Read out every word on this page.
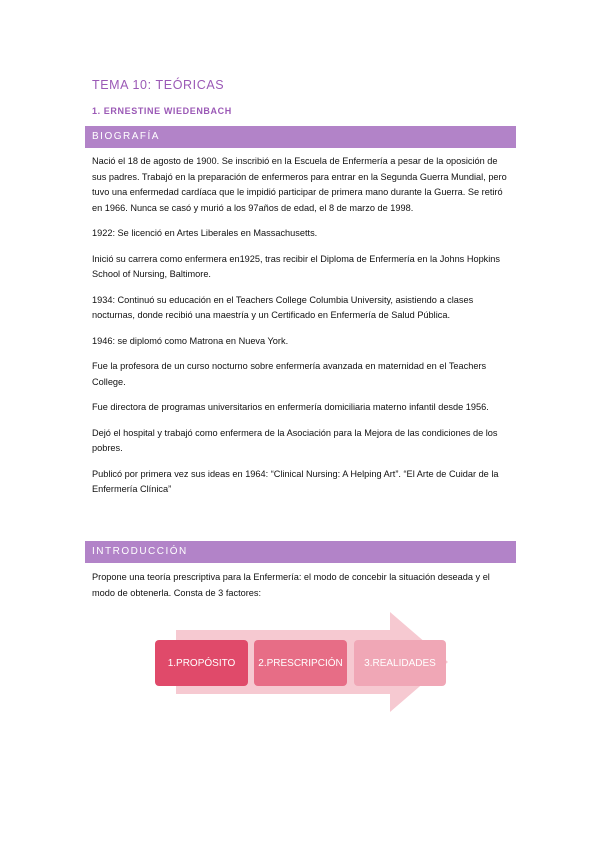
TEMA 10: TEÓRICAS
1. ERNESTINE WIEDENBACH
BIOGRAFÍA

Nació el 18 de agosto de 1900. Se inscribió en la Escuela de Enfermería a pesar de la oposición de sus padres. Trabajó en la preparación de enfermeros para entrar en la Segunda Guerra Mundial, pero tuvo una enfermedad cardíaca que le impidió participar de primera mano durante la Guerra. Se retiró en 1966. Nunca se casó y murió a los 97años de edad, el 8 de marzo de 1998.

1922: Se licenció en Artes Liberales en Massachusetts.

Inició su carrera como enfermera en1925, tras recibir el Diploma de Enfermería en la Johns Hopkins School of Nursing, Baltimore.

1934: Continuó su educación en el Teachers College Columbia University, asistiendo a clases nocturnas, donde recibió una maestría y un Certificado en Enfermería de Salud Pública.

1946: se diplomó como Matrona en Nueva York.

Fue la profesora de un curso nocturno sobre enfermería avanzada en maternidad en el Teachers College.

Fue directora de programas universitarios en enfermería domiciliaria materno infantil desde 1956.

Dejó el hospital y trabajó como enfermera de la Asociación para la Mejora de las condiciones de los pobres.

Publicó por primera vez sus ideas en 1964: “Clinical Nursing: A Helping Art”. “El Arte de Cuidar de la Enfermería Clínica”

INTRODUCCIÓN

Propone una teoría prescriptiva para la Enfermería: el modo de concebir la situación deseada y el modo de obtenerla. Consta de 3 factores:

1.PROPÓSITO	2.PRESCRIPCIÓN	3.REALIDADES
